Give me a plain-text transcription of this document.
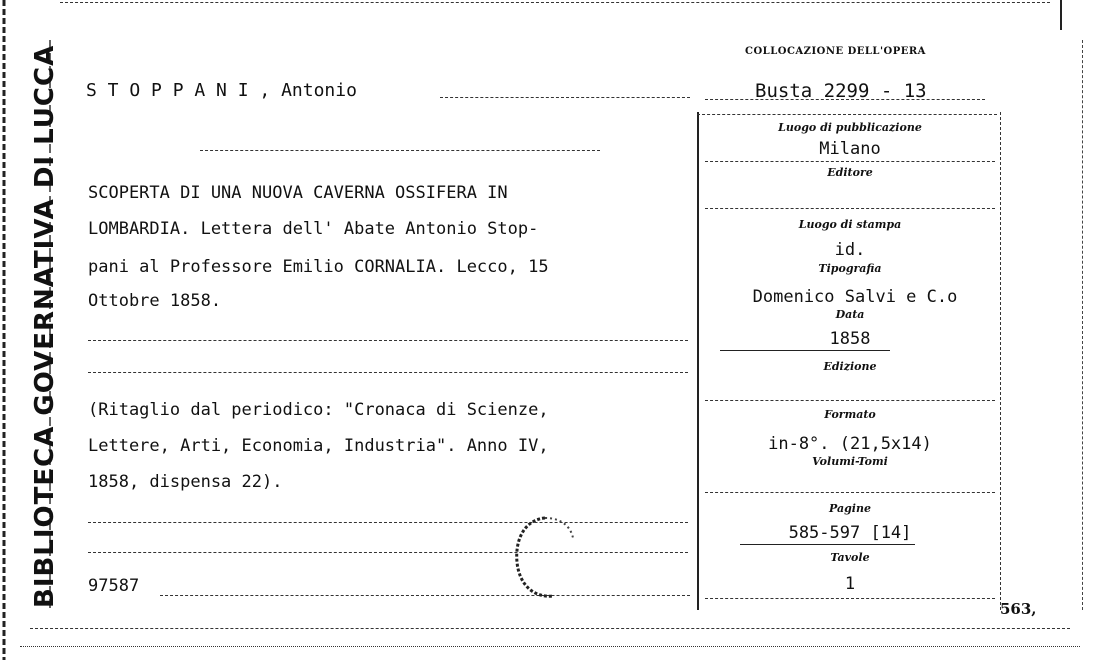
BIBLIOTECA GOVERNATIVA DI LUCCA	COLLOCAZIONE DELL'OPERA
S T O P P A N I , Antonio	Busta 2299 - 13
SCOPERTA DI UNA NUOVA CAVERNA OSSIFERA IN
LOMBARDIA. Lettera dell' Abate Antonio Stop-
pani al Professore Emilio CORNALIA. Lecco, 15
Ottobre 1858.
(Ritaglio dal periodico: "Cronaca di Scienze,
Lettere, Arti, Economia, Industria". Anno IV,
1858, dispensa 22).
97587
Luogo di pubblicazione
Milano
Editore
Luogo di stampa
id.
Tipografia
Domenico Salvi e C.o
Data
1858
Edizione
Formato
in-8°. (21,5x14)
Volumi-Tomi
Pagine
585-597 [14]
Tavole
1
563,
